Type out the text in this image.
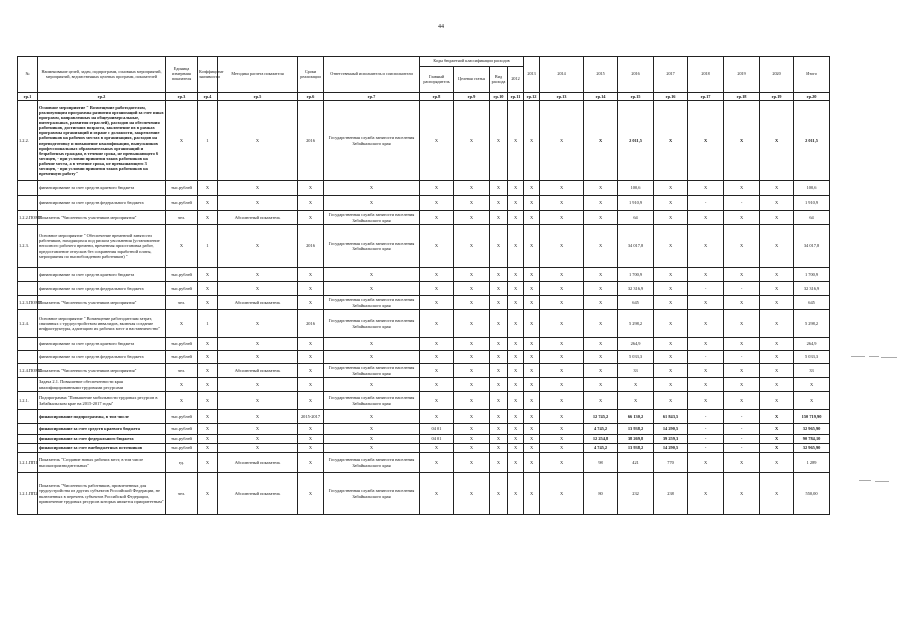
44
№	Наименование целей, задач, подпрограмм, основных мероприятий, мероприятий, ведомственных целевых программ, показателей	Единица измерения показателя	Коэффициент значимости	Методика расчета показателя	Сроки реализации	Ответственный исполнитель и соисполнители	Коды бюджетной классификации расходов				2013	2014	2015	2016	2017	2018	2019	2020	Итого
							Главный распорядитель	Целевая статья	Вид расхода	2012									
гр.1	гр.2	гр.3	гр.4	гр.5	гр.6	гр.7	гр.8	гр.9	гр.10	гр.11	гр.12	гр.13	гр.14	гр.15	гр.16	гр.17	гр.18	гр.19	гр.20
1.2.2.	Основное мероприятие " Возмещение работодателям, реализующим программы развития организаций за счет иных программ, направленных на общеуниверсальные, интегральных, развития отраслей), расходов на обеспечения работников, достигших возраста, заключение их в рамках программы организаций и охране с должности, закрепление работников на рабочих местах в организациях, расходов на переподготовку и повышение квалификации, выпускников профессиональных образовательных организаций и безработных граждан, в течение срока, не превышающего 6 месяцев, - при условии принятия таких работников на рабочие места, а в течение срока, не превышающего 3 месяцев, - при условии принятия таких работников на временную работу"	Х	1	Х	2016	Государственная служба занятости населения Забайкальского края	Х	Х	Х	Х	Х	Х	Х	2 011,5	Х	Х	Х	Х	2 011,5
	финансирование за счет средств краевого бюджета	тыс.рублей	Х	Х	Х	Х	Х	Х	Х	Х	Х	Х	Х	100,6	Х	Х	Х	Х	100,6
	финансирование за счет средств федерального бюджета	тыс.рублей	Х	Х	Х	Х	Х	Х	Х	Х	Х	Х	Х	1 910,9	Х	-	-	Х	1 910,9
1.2.2.ПОМЗ	Показатель "Численность участников мероприятия"	чел.	Х	Абсолютный показатель	Х	Государственная служба занятости населения Забайкальского края	Х	Х	Х	Х	Х	Х	Х	64	Х	Х	Х	Х	64
1.2.3.	Основное мероприятие " Обеспечение временной занятости работников, находящихся под риском увольнения (установление неполного рабочего времени, временная приостановка работ, предоставление отпусков без сохранения заработной платы, мероприятия по высвобождению работников) "	Х	1	Х	2016	Государственная служба занятости населения Забайкальского края	Х	Х	Х	Х	Х	Х	Х	34 017,8	Х	Х	Х	Х	34 017,8
	финансирование за счет средств краевого бюджета	тыс.рублей	Х	Х	Х	Х	Х	Х	Х	Х	Х	Х	Х	1 700,9	Х	Х	Х	Х	1 700,9
	финансирование за счет средств федерального бюджета	тыс.рублей	Х	Х	Х	Х	Х	Х	Х	Х	Х	Х	Х	32 316,9	Х	-	-	Х	32 316,9
1.2.3.ПОМЗ	Показатель "Численность участников мероприятия"	чел.	Х	Абсолютный показатель	Х	Государственная служба занятости населения Забайкальского края	Х	Х	Х	Х	Х	Х	Х	645	Х	Х	Х	Х	645
1.2.4.	Основное мероприятие " Возмещение работодателям затрат, связанных с трудоустройством инвалидов, включая создание инфраструктуры, адаптацию их рабочих мест и наставничество"	Х	1	Х	2016	Государственная служба занятости населения Забайкальского края	Х	Х	Х	Х	Х	Х	Х	5 298,2	Х	Х	Х	Х	5 298,2
	финансирование за счет средств краевого бюджета	тыс.рублей	Х	Х	Х	Х	Х	Х	Х	Х	Х	Х	Х	264,9	Х	Х	Х	Х	264,9
	финансирование за счет средств федерального бюджета	тыс.рублей	Х	Х	Х	Х	Х	Х	Х	Х	Х	Х	Х	5 033,3	Х	-	-	Х	5 033,3
1.2.4.ПОМ4	Показатель "Численность участников мероприятия"	чел.	Х	Абсолютный показатель	Х	Государственная служба занятости населения Забайкальского края	Х	Х	Х	Х	Х	Х	Х	33	Х	Х	Х	Х	33
	Задача 2.1. Повышение обеспеченности края квалифицированными трудовыми ресурсами	Х	Х	Х	Х	Х	Х	Х	Х	Х	Х	Х	Х	Х	Х	Х	Х	Х	Х
1.2.1.	Подпрограмма "Повышение мобильности трудовых ресурсов в Забайкальском крае на 2015-2017 годы"	Х	Х	Х	Х	Государственная служба занятости населения Забайкальского края	Х	Х	Х	Х	Х	Х	Х	Х	Х	Х	Х	Х	Х
	финансирование подпрограммы, в том числе	тыс.рублей	Х	Х	2015-2017	Х	Х	Х	Х	Х	Х	Х	12 745,2	66 130,2	61 843,5	-	-	Х	150 719,90
	финансирование за счет средств краевого бюджета	тыс.рублей	Х	Х	Х	Х	04 01	Х	Х	Х	Х	Х	4 745,2	13 938,2	14 290,5	-	-	Х	32 965,90
	финансирование за счет федерального бюджета	тыс.рублей	Х	Х	Х	Х	04 01	Х	Х	Х	Х	Х	12 254,8	38 269,8	39 259,3	-	-	Х	90 784,10
	финансирование за счет внебюджетных источников	тыс.рублей	Х	Х	Х	Х	Х	Х	Х	Х	Х	Х	4 745,2	13 938,2	14 290,5	-	-	Х	32 965,90
1.2.1.ПП1	Показатель "Создание новых рабочих мест, в том числе высокопроизводительных"	ед.	Х	Абсолютный показатель	Х	Государственная служба занятости населения Забайкальского края	Х	Х	Х	Х	Х	Х	98	421	770	Х	Х	Х	1 289
1.2.1.ПП2	Показатель "Численность работников, привлеченных для трудоустройства из других субъектов Российской Федерации, не включенных в перечень субъектов Российской Федерации, привлечение трудовых ресурсов которых является приоритетным"	чел.	Х	Абсолютный показатель	Х	Государственная служба занятости населения Забайкальского края	Х	Х	Х	Х	Х	Х	80	232	238	Х	Х	Х	550,00
